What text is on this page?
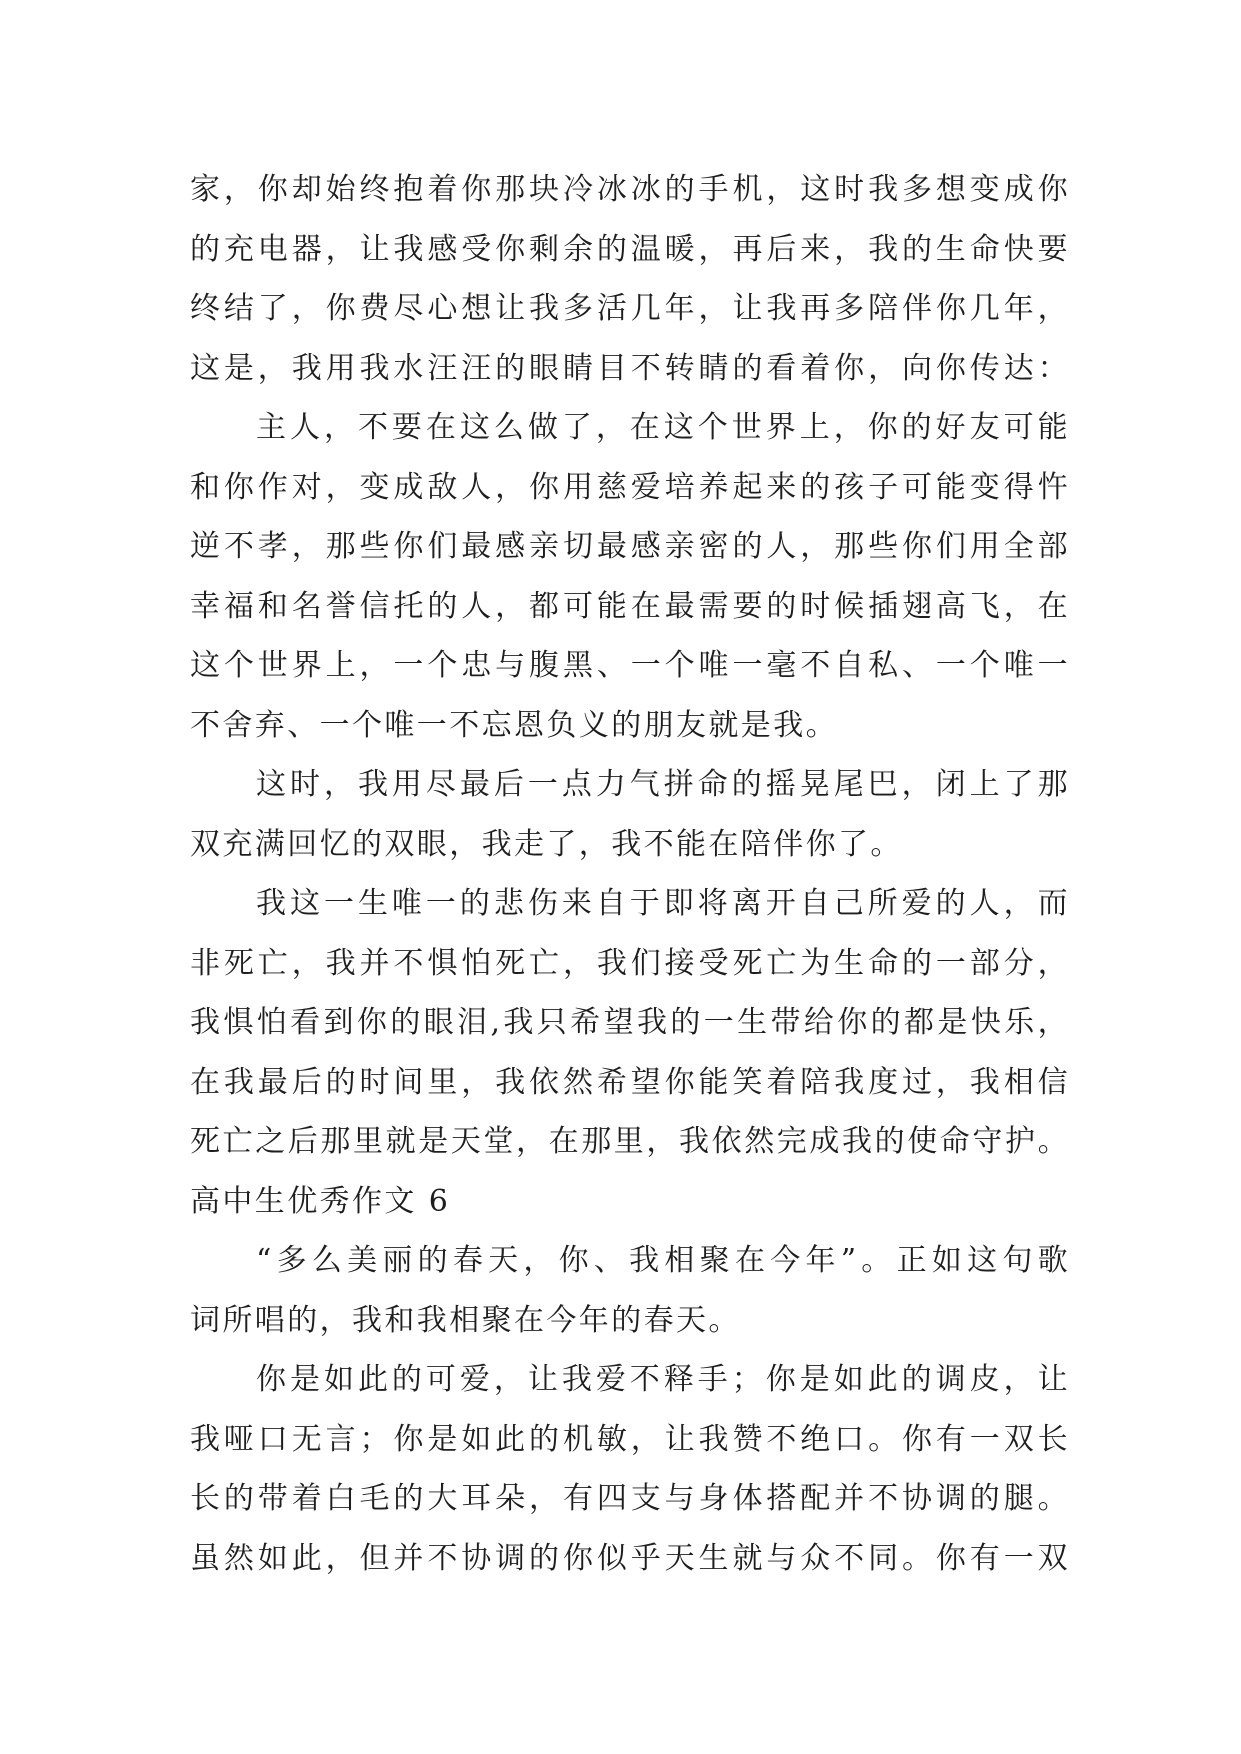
家，你却始终抱着你那块冷冰冰的手机，这时我多想变成你
的充电器，让我感受你剩余的温暖，再后来，我的生命快要
终结了，你费尽心想让我多活几年，让我再多陪伴你几年，
这是，我用我水汪汪的眼睛目不转睛的看着你，向你传达：
主人，不要在这么做了，在这个世界上，你的好友可能
和你作对，变成敌人，你用慈爱培养起来的孩子可能变得忤
逆不孝，那些你们最感亲切最感亲密的人，那些你们用全部
幸福和名誉信托的人，都可能在最需要的时候插翅高飞，在
这个世界上，一个忠与腹黑、一个唯一毫不自私、一个唯一
不舍弃、一个唯一不忘恩负义的朋友就是我。
这时，我用尽最后一点力气拼命的摇晃尾巴，闭上了那
双充满回忆的双眼，我走了，我不能在陪伴你了。
我这一生唯一的悲伤来自于即将离开自己所爱的人，而
非死亡，我并不惧怕死亡，我们接受死亡为生命的一部分，
我惧怕看到你的眼泪,我只希望我的一生带给你的都是快乐，
在我最后的时间里，我依然希望你能笑着陪我度过，我相信
死亡之后那里就是天堂，在那里，我依然完成我的使命守护。
高中生优秀作文 6
“多么美丽的春天，你、我相聚在今年”。正如这句歌
词所唱的，我和我相聚在今年的春天。
你是如此的可爱，让我爱不释手；你是如此的调皮，让
我哑口无言；你是如此的机敏，让我赞不绝口。你有一双长
长的带着白毛的大耳朵，有四支与身体搭配并不协调的腿。
虽然如此，但并不协调的你似乎天生就与众不同。你有一双
